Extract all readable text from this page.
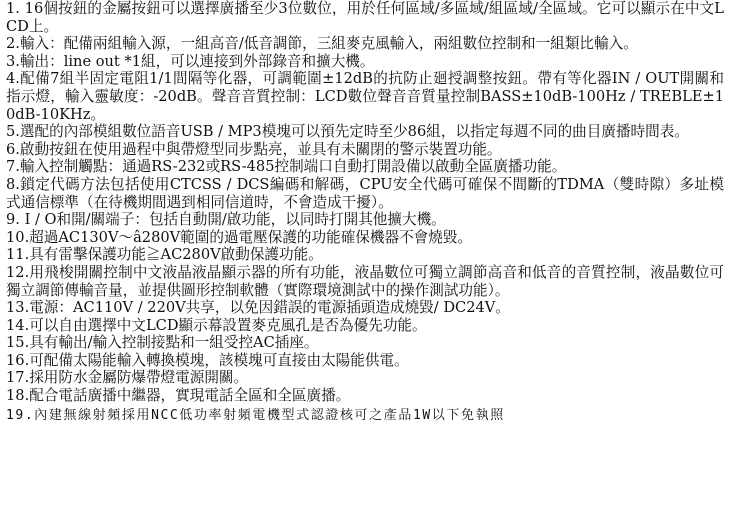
1. 16個按鈕的金屬按鈕可以選擇廣播至少3位數位，用於任何區域/多區域/組區域/全區域。它可以顯示在中文LCD上。

2.輸入：配備兩組輸入源，一組高音/低音調節，三組麥克風輸入，兩組數位控制和一組類比輸入。

3.輸出：line out *1組，可以連接到外部錄音和擴大機。

4.配備7組半固定電阻1/1間隔等化器，可調範圍±12dB的抗防止廻授調整按鈕。帶有等化器IN / OUT開關和指示燈，輸入靈敏度：-20dB。聲音音質控制：LCD數位聲音音質量控制BASS±10dB-100Hz / TREBLE±10dB-10KHz。

5.選配的內部模組數位語音USB / MP3模塊可以預先定時至少86組，以指定每週不同的曲目廣播時間表。

6.啟動按鈕在使用過程中與帶燈型同步點亮，並具有未關閉的警示裝置功能。

7.輸入控制觸點：通過RS-232或RS-485控制端口自動打開設備以啟動全區廣播功能。

8.鎖定代碼方法包括使用CTCSS / DCS編碼和解碼，CPU安全代碼可確保不間斷的TDMA（雙時隙）多址模式通信標準（在待機期間遇到相同信道時，不會造成干擾）。

9. I / O和開/關端子：包括自動開/啟功能，以同時打開其他擴大機。

10.超過AC130V～â280V範圍的過電壓保護的功能確保機器不會燒毀。

11.具有雷擊保護功能≧AC280V啟動保護功能。

12.用飛梭開關控制中文液晶液晶顯示器的所有功能，液晶數位可獨立調節高音和低音的音質控制，液晶數位可獨立調節傳輸音量，並提供圖形控制軟體（實際環境測試中的操作測試功能）。

13.電源：AC110V / 220V共享，以免因錯誤的電源插頭造成燒毀/ DC24V。

14.可以自由選擇中文LCD顯示幕設置麥克風孔是否為優先功能。

15.具有輸出/輸入控制接點和一組受控AC插座。

16.可配備太陽能輸入轉換模塊，該模塊可直接由太陽能供電。

17.採用防水金屬防爆帶燈電源開關。

18.配合電話廣播中繼器，實現電話全區和全區廣播。

19.內建無線射頻採用NCC低功率射頻電機型式認證核可之產品1W以下免執照
